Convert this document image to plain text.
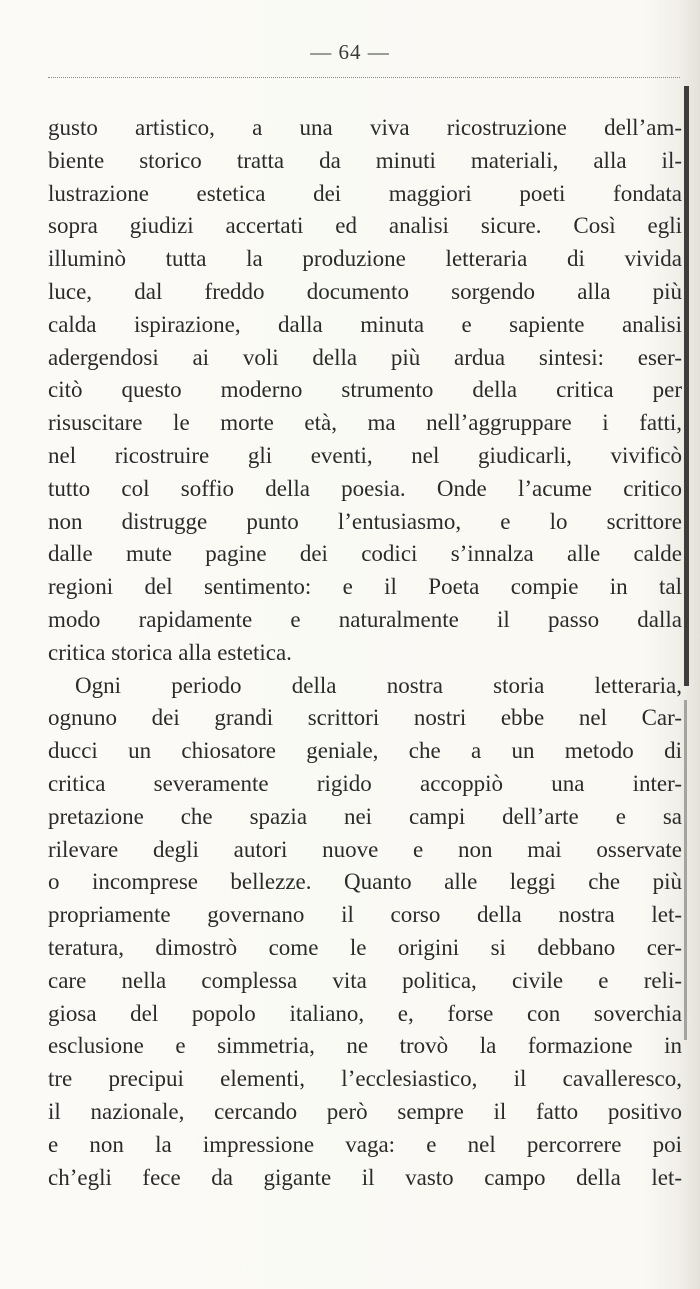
— 64 —
gusto artistico, a una viva ricostruzione dell’am-
biente storico tratta da minuti materiali, alla il-
lustrazione estetica dei maggiori poeti fondata
sopra giudizi accertati ed analisi sicure. Così egli
illuminò tutta la produzione letteraria di vivida
luce, dal freddo documento sorgendo alla più
calda ispirazione, dalla minuta e sapiente analisi
adergendosi ai voli della più ardua sintesi: eser-
citò questo moderno strumento della critica per
risuscitare le morte età, ma nell’aggruppare i fatti,
nel ricostruire gli eventi, nel giudicarli, vivificò
tutto col soffio della poesia. Onde l’acume critico
non distrugge punto l’entusiasmo, e lo scrittore
dalle mute pagine dei codici s’innalza alle calde
regioni del sentimento: e il Poeta compie in tal
modo rapidamente e naturalmente il passo dalla
critica storica alla estetica.
Ogni periodo della nostra storia letteraria,
ognuno dei grandi scrittori nostri ebbe nel Car-
ducci un chiosatore geniale, che a un metodo di
critica severamente rigido accoppiò una inter-
pretazione che spazia nei campi dell’arte e sa
rilevare degli autori nuove e non mai osservate
o incomprese bellezze. Quanto alle leggi che più
propriamente governano il corso della nostra let-
teratura, dimostrò come le origini si debbano cer-
care nella complessa vita politica, civile e reli-
giosa del popolo italiano, e, forse con soverchia
esclusione e simmetria, ne trovò la formazione in
tre precipui elementi, l’ecclesiastico, il cavalleresco,
il nazionale, cercando però sempre il fatto positivo
e non la impressione vaga: e nel percorrere poi
ch’egli fece da gigante il vasto campo della let-
